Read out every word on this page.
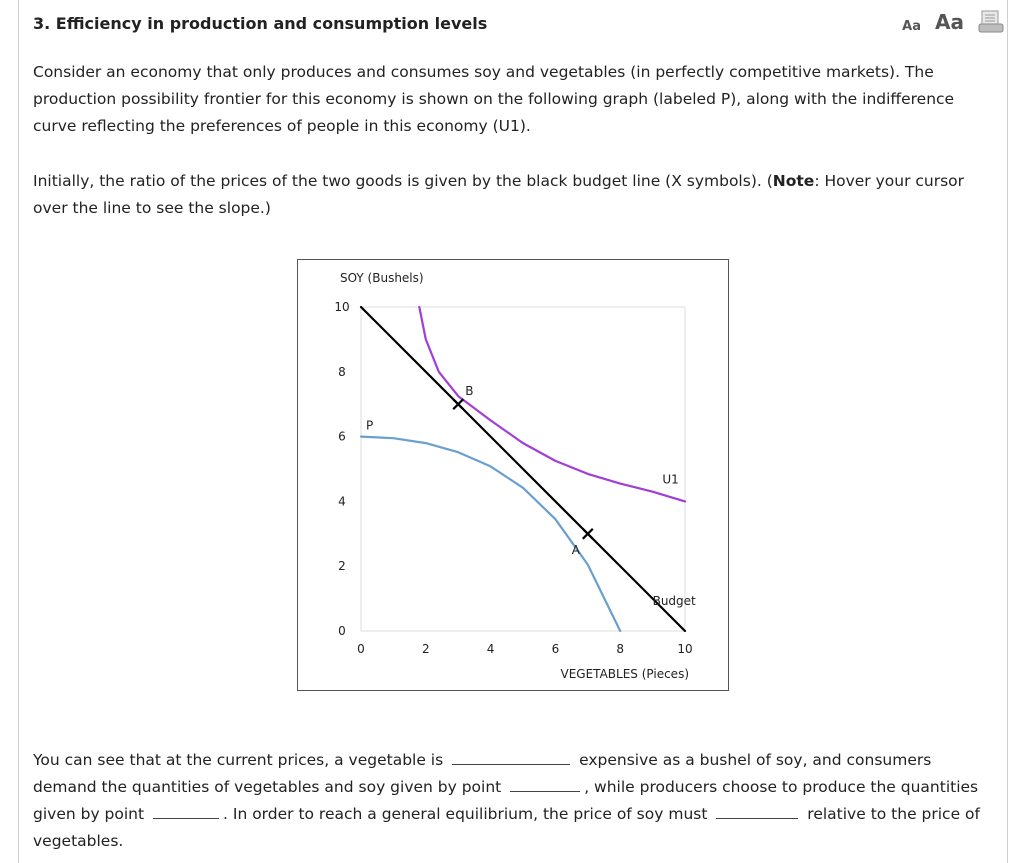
3. Efficiency in production and consumption levels	Aa Aa
Consider an economy that only produces and consumes soy and vegetables (in perfectly competitive markets). The production possibility frontier for this economy is shown on the following graph (labeled P), along with the indifference curve reflecting the preferences of people in this economy (U1).
Initially, the ratio of the prices of the two goods is given by the black budget line (X symbols). (Note: Hover your cursor over the line to see the slope.)
SOY (Bushels)
VEGETABLES (Pieces)
0	2	4	6	8	10
0
2
4
6
8
10
P
U1
Budget
B
A
You can see that at the current prices, a vegetable is	expensive as a bushel of soy, and consumers demand the quantities of vegetables and soy given by point	, while producers choose to produce the quantities given by point	. In order to reach a general equilibrium, the price of soy must	relative to the price of vegetables.
